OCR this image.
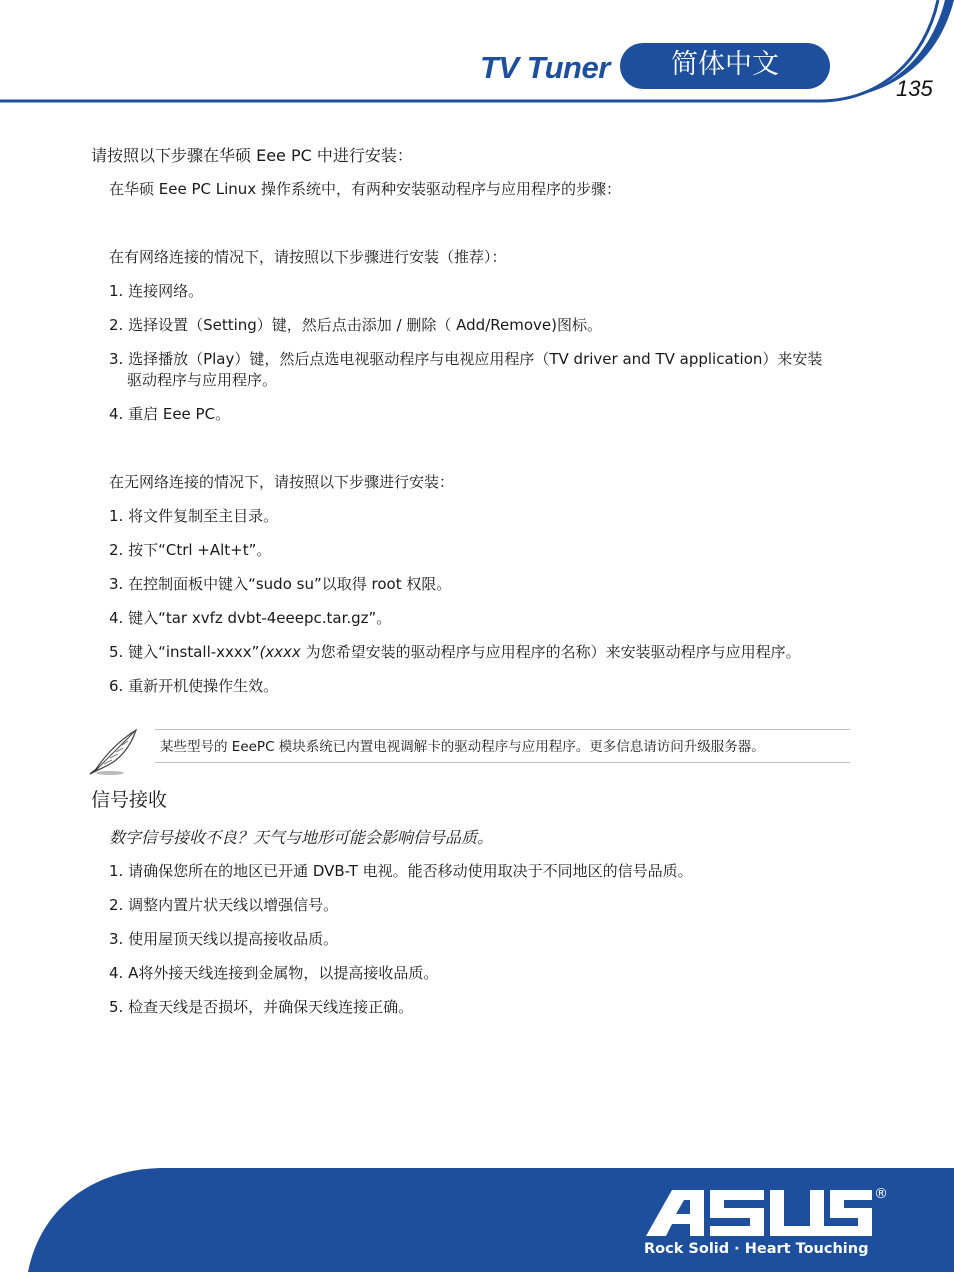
TV Tuner	简体中文
135
请按照以下步骤在华硕 Eee PC 中进行安装：
在华硕 Eee PC Linux 操作系统中，有两种安装驱动程序与应用程序的步骤：
在有网络连接的情况下，请按照以下步骤进行安装（推荐）：
1. 连接网络。
2. 选择设置（Setting）键，然后点击添加 / 删除（ Add/Remove)图标。
3. 选择播放（Play）键，然后点选电视驱动程序与电视应用程序（TV driver and TV application）来安装
驱动程序与应用程序。
4. 重启 Eee PC。
在无网络连接的情况下，请按照以下步骤进行安装：
1. 将文件复制至主目录。
2. 按下“Ctrl +Alt+t”。
3. 在控制面板中键入“sudo su”以取得 root 权限。
4. 键入“tar xvfz dvbt-4eeepc.tar.gz”。
5. 键入“install-xxxx”(xxxx 为您希望安装的驱动程序与应用程序的名称）来安装驱动程序与应用程序。
6. 重新开机使操作生效。
某些型号的 EeePC 模块系统已内置电视调解卡的驱动程序与应用程序。更多信息请访问升级服务器。
信号接收
数字信号接收不良？天气与地形可能会影响信号品质。
1. 请确保您所在的地区已开通 DVB-T 电视。能否移动使用取决于不同地区的信号品质。
2. 调整内置片状天线以增强信号。
3. 使用屋顶天线以提高接收品质。
4. A将外接天线连接到金属物，以提高接收品质。
5. 检查天线是否损坏，并确保天线连接正确。
®
Rock Solid · Heart Touching
